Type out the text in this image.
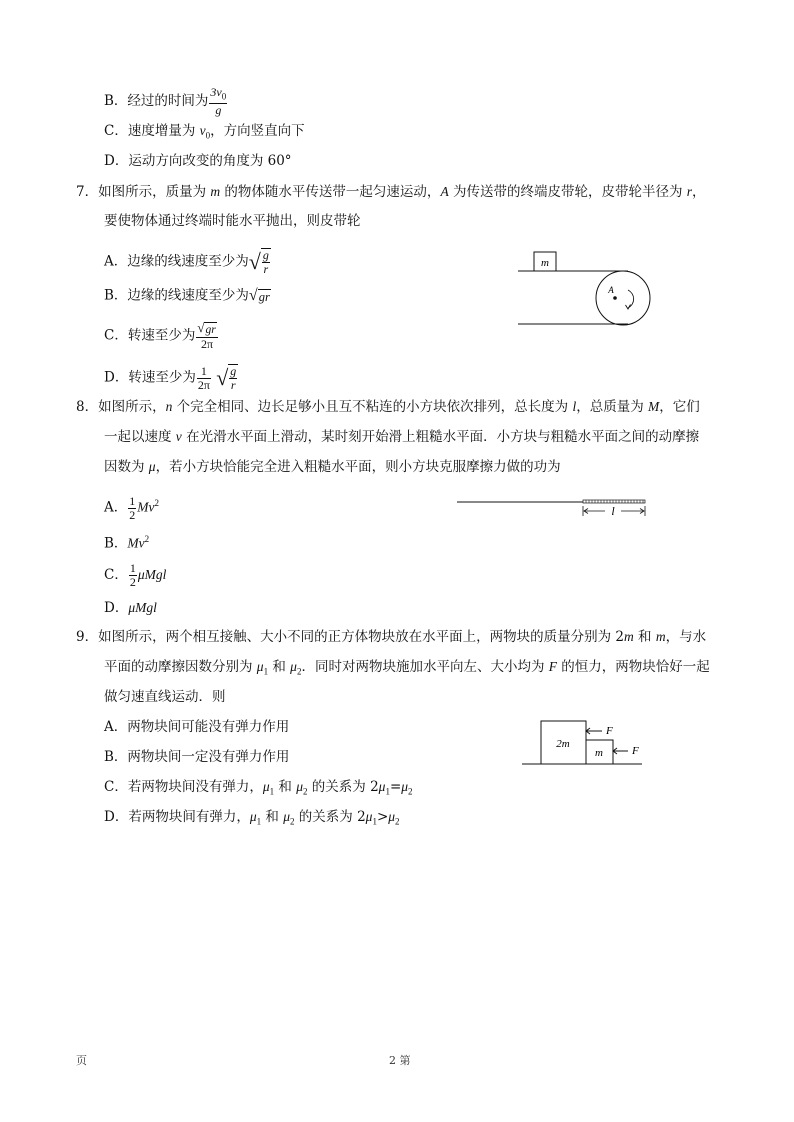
B．经过的时间为 $\frac{3v_0}{g}$
C．速度增量为 $v_0$，方向竖直向下
D．运动方向改变的角度为 60°
7．如图所示，质量为 m 的物体随水平传送带一起匀速运动，A 为传送带的终端皮带轮，皮带轮半径为 r，
要使物体通过终端时能水平抛出，则皮带轮
A．边缘的线速度至少为√ $\frac{g}{r}$
B．边缘的线速度至少为√gr
C．转速至少为 $\frac{√gr}{2\pi}$
D．转速至少为 $\frac{1}{2\pi}$ √ $\frac{g}{r}$
m
A
8．如图所示，n 个完全相同、边长足够小且互不粘连的小方块依次排列，总长度为 l，总质量为 M，它们
一起以速度 v 在光滑水平面上滑动，某时刻开始滑上粗糙水平面．小方块与粗糙水平面之间的动摩擦
因数为 μ，若小方块恰能完全进入粗糙水平面，则小方块克服摩擦力做的功为
A． $\frac{1}{2} Mv^2$
B．Mv$^2$
C． $\frac{1}{2}$ μMgl
D．μMgl
l
9．如图所示，两个相互接触、大小不同的正方体物块放在水平面上，两物块的质量分别为 2m 和 m，与水
平面的动摩擦因数分别为 $\mu_1$ 和 $\mu_2$．同时对两物块施加水平向左、大小均为 F 的恒力，两物块恰好一起
做匀速直线运动．则
A．两物块间可能没有弹力作用
B．两物块间一定没有弹力作用
C．若两物块间没有弹力，$\mu_1$ 和 $\mu_2$ 的关系为 $2\mu_1=\mu_2$
D．若两物块间有弹力，$\mu_1$ 和 $\mu_2$ 的关系为 $2\mu_1>\mu_2$
2m
m
F
F
页	2 第
